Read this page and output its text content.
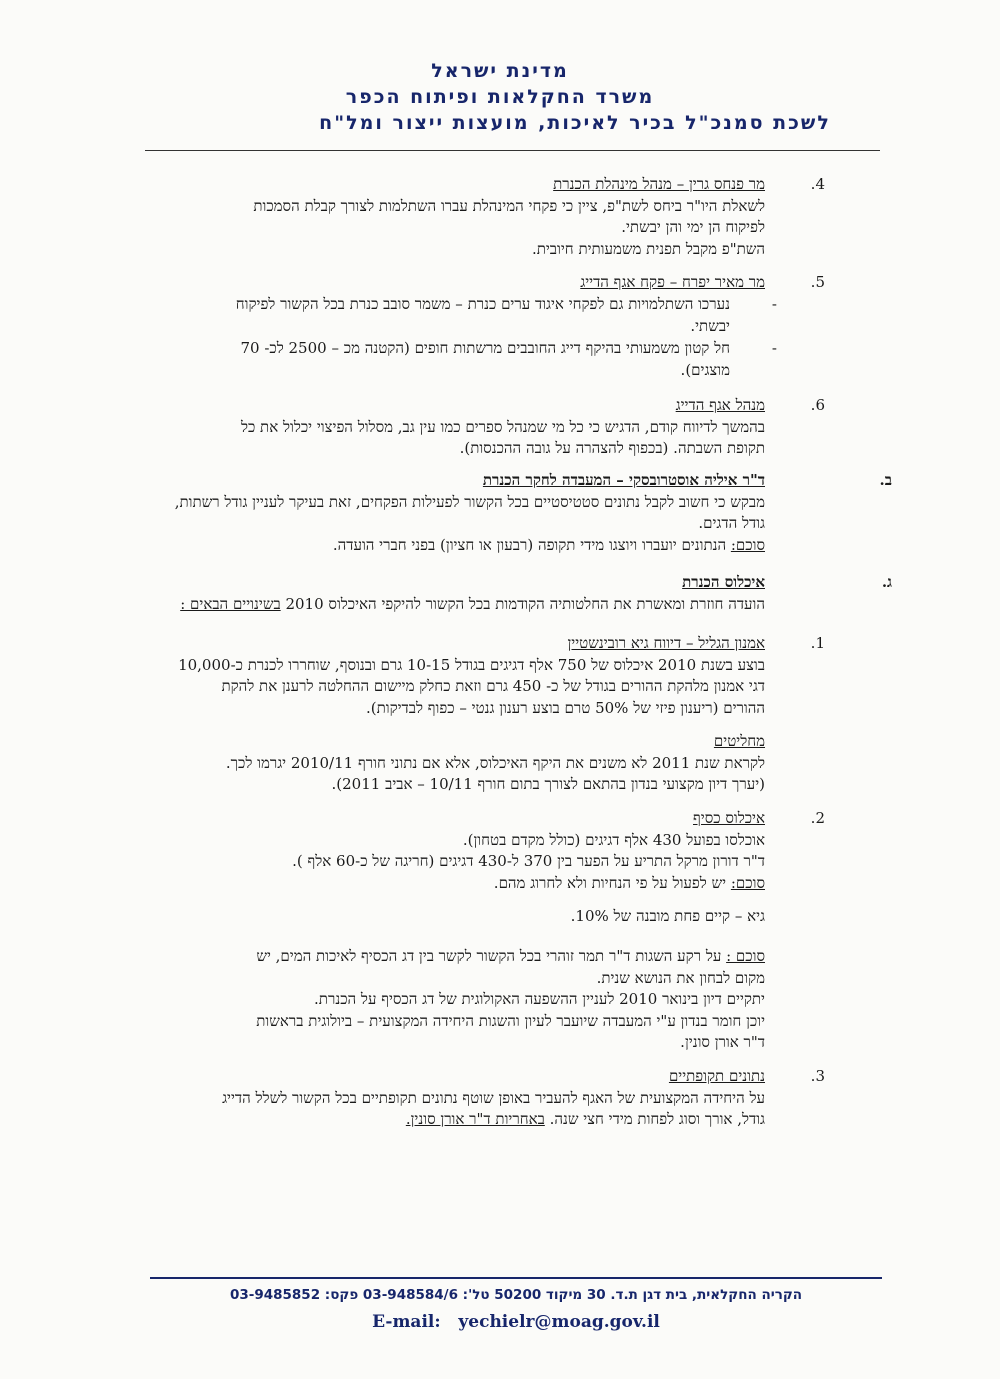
מדינת ישראל
משרד החקלאות ופיתוח הכפר
לשכת סמנכ"ל בכיר לאיכות, מועצות ייצור ומל"ח
4.
מר פנחס גרין – מנהל מינהלת הכנרת
לשאלת היו"ר ביחס לשת"פ, ציין כי פקחי המינהלת עברו השתלמות לצורך קבלת הסמכות
לפיקוח הן ימי והן יבשתי.
השת"פ מקבל תפנית משמעותית חיובית.
5.
מר מאיר יפרח – פקח אגף הדייג
-
נערכו השתלמויות גם לפקחי איגוד ערים כנרת – משמר סובב כנרת בכל הקשור לפיקוח
יבשתי.
-
חל קטון משמעותי בהיקף דייג החובבים מרשתות חופים (הקטנה מכ – 2500 לכ- 70
מוצגים).
6.
מנהל אגף הדייג
בהמשך לדיווח קודם, הדגיש כי כל מי שמנהל ספרים כמו עין גב, מסלול הפיצוי יכלול את כל
תקופת השבתה. (בכפוף להצהרה על גובה ההכנסות).
ב.
ד"ר איליה אוסטרובסקי – המעבדה לחקר הכנרת
מבקש כי חשוב לקבל נתונים סטטיסטיים בכל הקשור לפעילות הפקחים, זאת בעיקר לעניין גודל רשתות,
גודל הדגים.
סוכם: הנתונים יועברו ויוצגו מידי תקופה (רבעון או חציון) בפני חברי הועדה.
ג.
איכלוס הכנרת
הועדה חוזרת ומאשרת את החלטותיה הקודמות בכל הקשור להיקפי האיכלוס 2010 בשינויים הבאים :
1.
אמנון הגליל – דיווח גיא רובינשטיין
בוצע בשנת 2010 איכלוס של 750 אלף דגיגים בגודל 10-15 גרם ובנוסף, שוחררו לכנרת כ-10,000
דגי אמנון מלהקת ההורים בגודל של כ- 450 גרם וזאת כחלק מיישום ההחלטה לרענן את להקת
ההורים (ריענון פיזי של 50% טרם בוצע רענון גנטי – כפוף לבדיקות).
מחליטים
לקראת שנת 2011 לא משנים את היקף האיכלוס, אלא אם נתוני חורף 2010/11 יגרמו לכך.
(יערך דיון מקצועי בנדון בהתאם לצורך בתום חורף 10/11 – אביב 2011).
2.
איכלוס כסיף
אוכלסו בפועל 430 אלף דגיגים (כולל מקדם בטחון).
ד"ר דורון מרקל התריע על הפער בין 370 ל-430 דגיגים (חריגה של כ-60 אלף ).
סוכם: יש לפעול על פי הנחיות ולא לחרוג מהם.
גיא – קיים פחת מובנה של 10%.
סוכם : על רקע השגות ד"ר תמר זוהרי בכל הקשור לקשר בין דג הכסיף לאיכות המים, יש
מקום לבחון את הנושא שנית.
יתקיים דיון בינואר 2010 לעניין ההשפעה האקולוגית של דג הכסיף על הכנרת.
יוכן חומר בנדון ע"י המעבדה שיועבר לעיון והשגות היחידה המקצועית – ביולוגית בראשות
ד"ר אורן סונין.
3.
נתונים תקופתיים
על היחידה המקצועית של האגף להעביר באופן שוטף נתונים תקופתיים בכל הקשור לשלל הדייג
גודל, אורך וסוג לפחות מידי חצי שנה. באחריות ד"ר אורן סונין.
הקריה החקלאית, בית דגן ת.ד. 30 מיקוד 50200 טל': 03-948584/6 פקס: 03-9485852
E-mail: yechielr@moag.gov.il
